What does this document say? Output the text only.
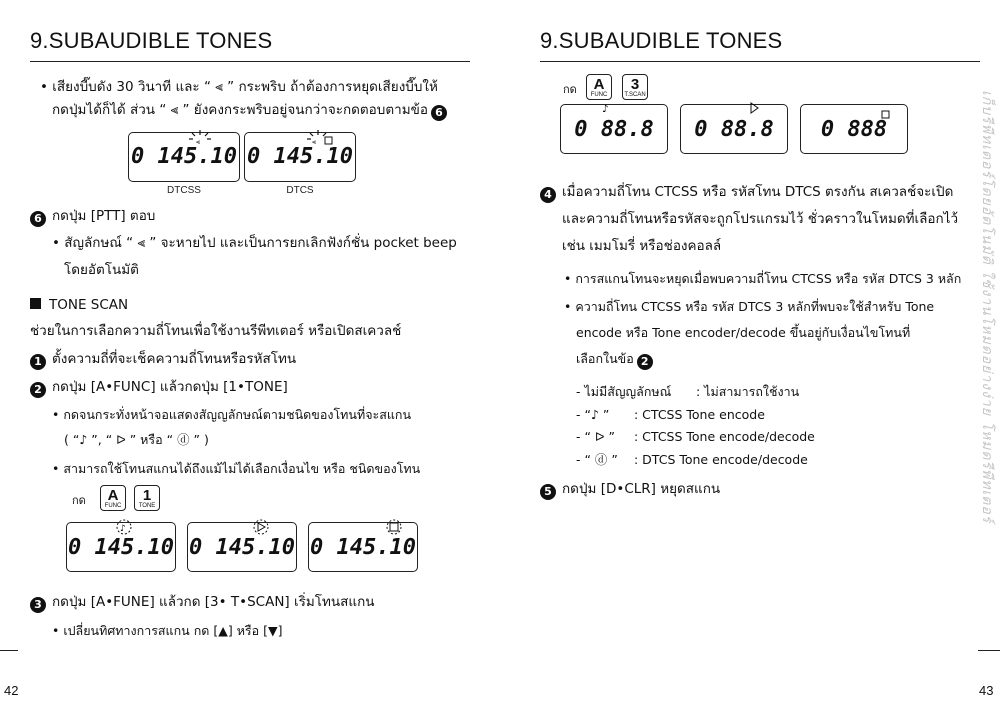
9.SUBAUDIBLE TONES
• เสียงบี๊บดัง 30 วินาที และ “ ⫷ ” กระพริบ ถ้าต้องการหยุดเสียงบี๊บให้
กดปุ่มได้ก็ได้ ส่วน “ ⫷ ” ยังคงกระพริบอยู่จนกว่าจะกดตอบตามข้อ 6
⫷
0 145.10
DTCSS
⫷
0 145.10
DTCS
6 กดปุ่ม [PTT] ตอบ
• สัญลักษณ์ “ ⫷ ” จะหายไป และเป็นการยกเลิกฟังก์ชั่น pocket beep
โดยอัตโนมัติ
TONE SCAN
ช่วยในการเลือกความถี่โทนเพื่อใช้งานรีพีทเตอร์ หรือเปิดสเควลช์
1 ตั้งความถี่ที่จะเช็คความถี่โทนหรือรหัสโทน
2 กดปุ่ม [A•FUNC] แล้วกดปุ่ม [1•TONE]
• กดจนกระทั่งหน้าจอแสดงสัญญลักษณ์ตามชนิดของโทนที่จะสแกน
( “♪ ”, “ ᐅ ” หรือ “ ⓓ ” )
• สามารถใช้โทนสแกนได้ถึงแม้ไม่ได้เลือกเงื่อนไข หรือ ชนิดของโทน
กด	A
FUNC
1
TONE
♪
0 145.10 0 145.10 0 145.10
3 กดปุ่ม [A•FUNE] แล้วกด [3• T•SCAN] เริ่มโทนสแกน
• เปลี่ยนทิศทางการสแกน กด [▲] หรือ [▼]
42
9.SUBAUDIBLE TONES
กด	A
FUNC
3
T.SCAN
♪
0 88.8	0 88.8	0 888
4 เมื่อความถี่โทน CTCSS หรือ รหัสโทน DTCS ตรงกัน สเควลช์จะเปิด
และความถี่โทนหรือรหัสจะถูกโปรแกรมไว้ ชั่วคราวในโหมดที่เลือกไว้
เช่น เมมโมรี่ หรือช่องคอลล์
• การสแกนโทนจะหยุดเมื่อพบความถี่โทน CTCSS หรือ รหัส DTCS 3 หลัก
• ความถี่โทน CTCSS หรือ รหัส DTCS 3 หลักที่พบจะใช้สำหรับ Tone
encode หรือ Tone encoder/decode ขึ้นอยู่กับเงื่อนไขโทนที่
เลือกในข้อ 2
- ไม่มีสัญญลักษณ์ : ไม่สามารถใช้งาน
- “♪ ” : CTCSS Tone encode
- “ ᐅ ” : CTCSS Tone encode/decode
- “ ⓓ ” : DTCS Tone encode/decode
5 กดปุ่ม [D•CLR] หยุดสแกน
43
เก็บรีพีทเตอร์โดยอัตโนมัติ ใช้งานโหมดอย่างง่าย โหมดรีพีทเตอร์
